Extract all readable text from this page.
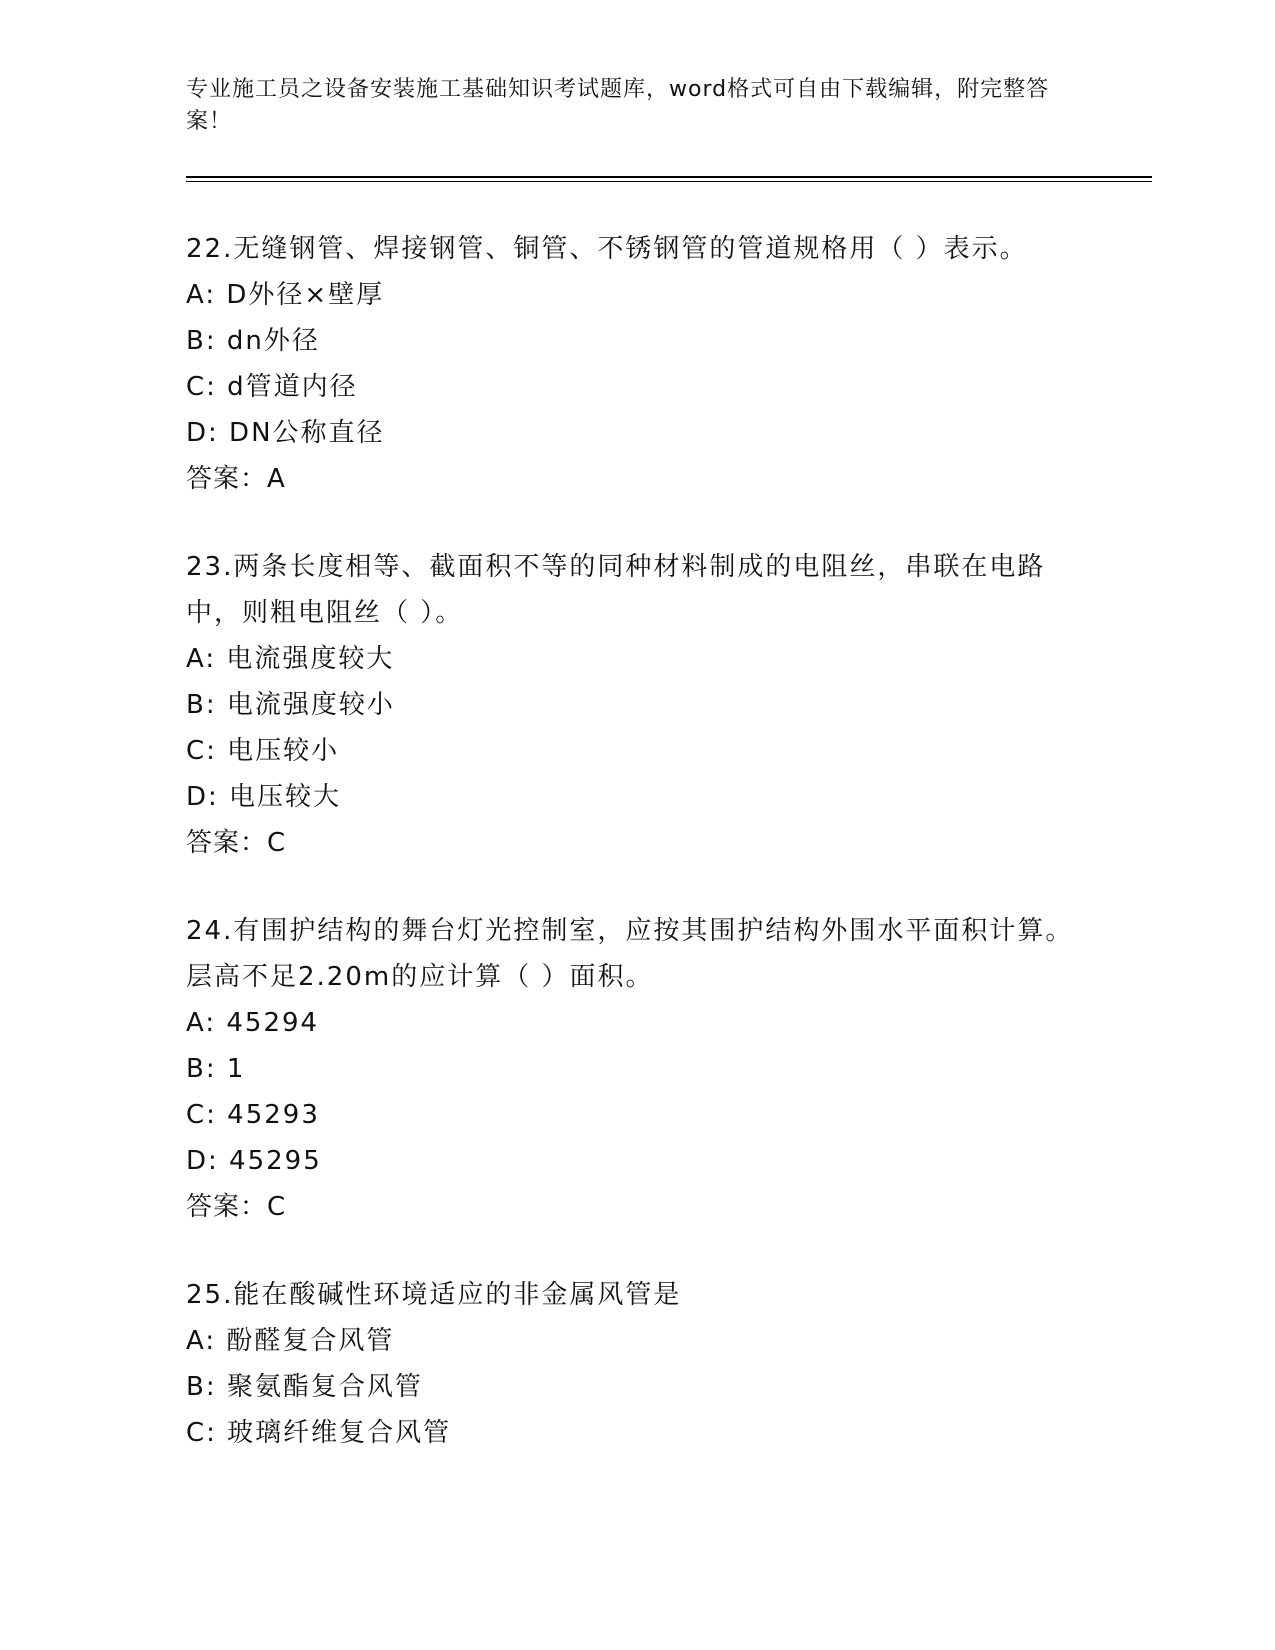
专业施工员之设备安装施工基础知识考试题库，word格式可自由下载编辑，附完整答案！

22.无缝钢管、焊接钢管、铜管、不锈钢管的管道规格用（ ）表示。

A: D外径×壁厚

B: dn外径

C: d管道内径

D: DN公称直径

答案：A

23.两条长度相等、截面积不等的同种材料制成的电阻丝，串联在电路中，则粗电阻丝（ ）。

A: 电流强度较大

B: 电流强度较小

C: 电压较小

D: 电压较大

答案：C

24.有围护结构的舞台灯光控制室，应按其围护结构外围水平面积计算。层高不足2.20m的应计算（ ）面积。

A: 45294

B: 1

C: 45293

D: 45295

答案：C

25.能在酸碱性环境适应的非金属风管是

A: 酚醛复合风管

B: 聚氨酯复合风管

C: 玻璃纤维复合风管
